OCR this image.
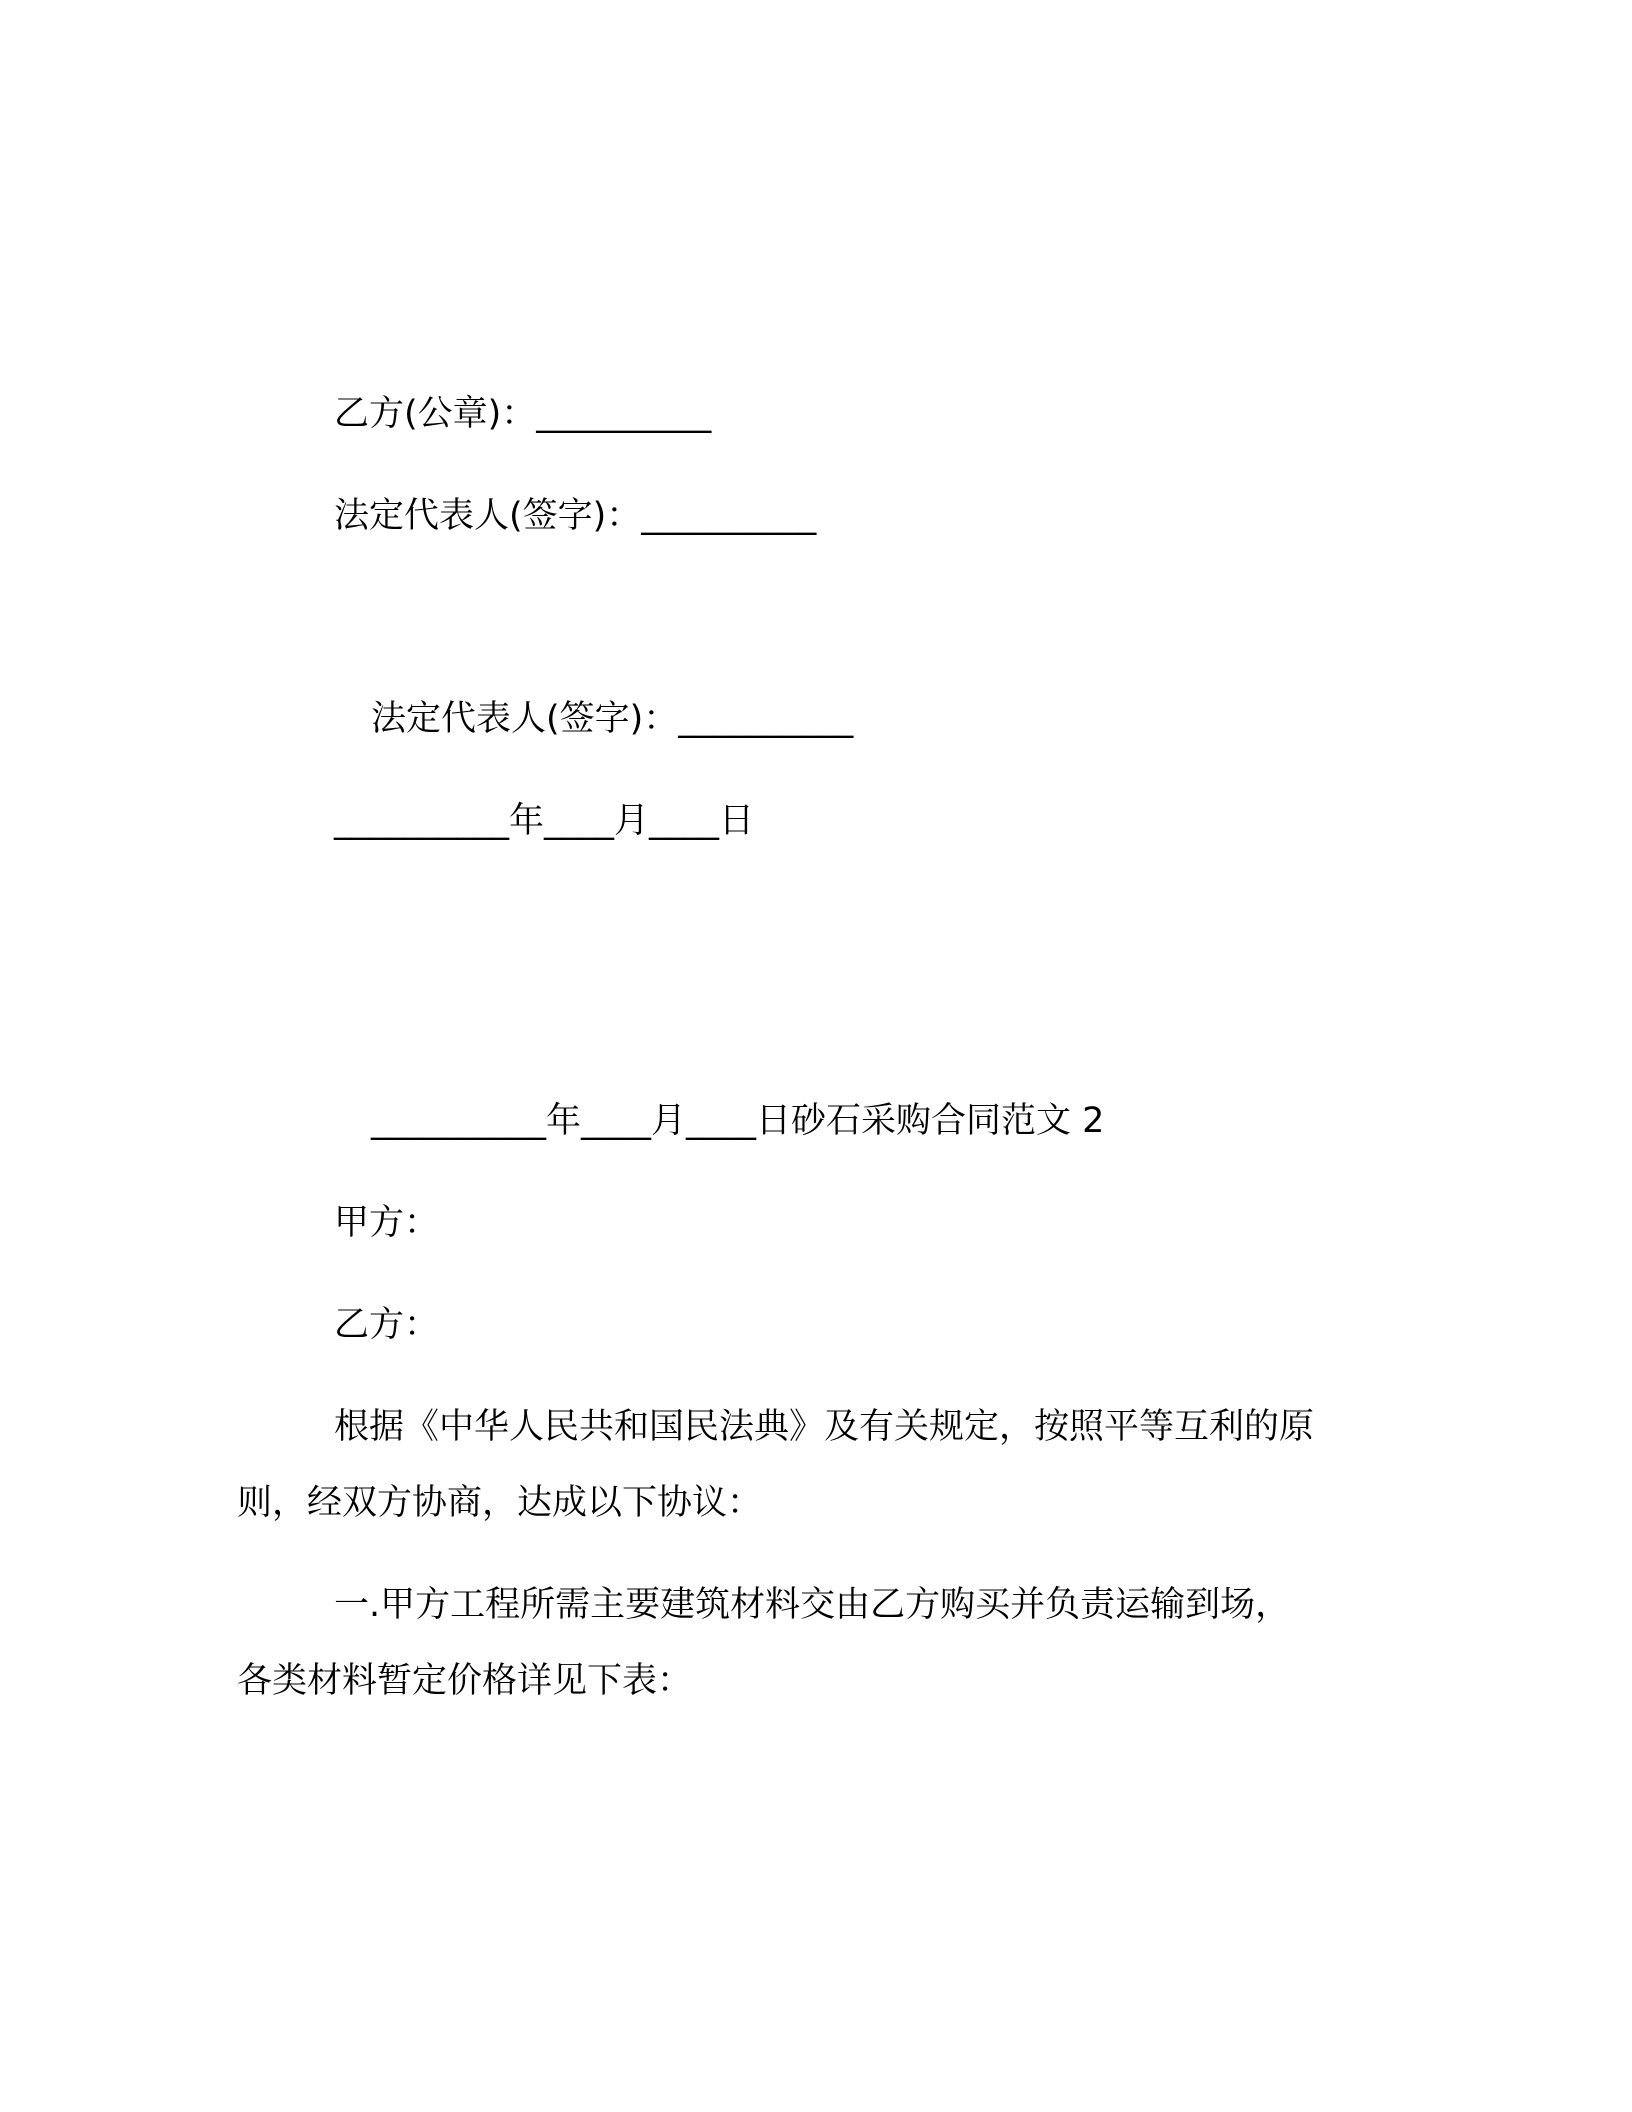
乙方(公章)：__________
法定代表人(签字)：__________
法定代表人(签字)：__________
__________年____月____日
__________年____月____日砂石采购合同范文 2
甲方：
乙方：
根据《中华人民共和国民法典》及有关规定，按照平等互利的原
则，经双方协商，达成以下协议：
一.甲方工程所需主要建筑材料交由乙方购买并负责运输到场，
各类材料暂定价格详见下表：
